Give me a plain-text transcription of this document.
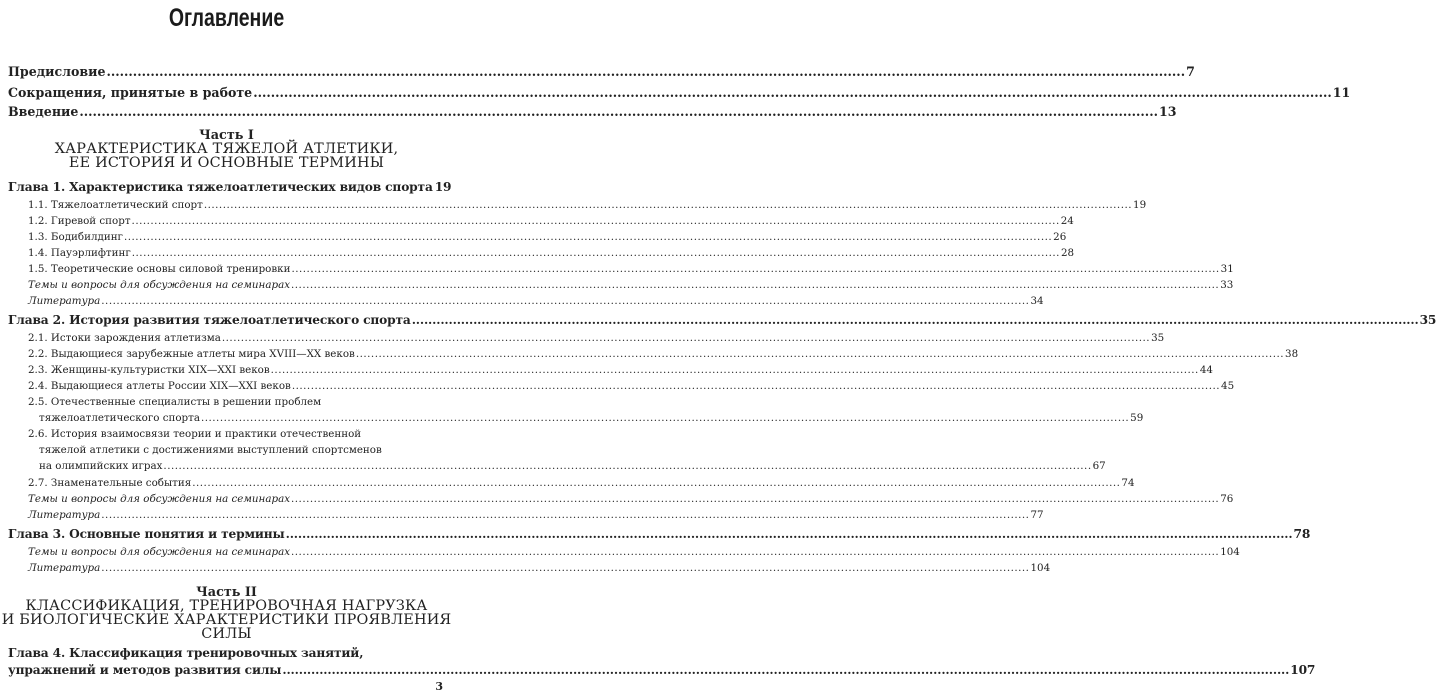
Оглавление
Предисловие .....	7
Сокращения, принятые в работе .....	11
Введение .....	13
Часть I
ХАРАКТЕРИСТИКА ТЯЖЕЛОЙ АТЛЕТИКИ,
ЕЕ ИСТОРИЯ И ОСНОВНЫЕ ТЕРМИНЫ
Глава 1. Характеристика тяжелоатлетических видов спорта 19
1.1. Тяжелоатлетический спорт .....	19
1.2. Гиревой спорт .....	24
1.3. Бодибилдинг .....	26
1.4. Пауэрлифтинг .....	28
1.5. Теоретические основы силовой тренировки .....	31
Темы и вопросы для обсуждения на семинарах .....	33
Литература .....	34
Глава 2. История развития тяжелоатлетического спорта .....	35
2.1. Истоки зарождения атлетизма .....	35
2.2. Выдающиеся зарубежные атлеты мира XVIII—XX веков .....	38
2.3. Женщины-культуристки XIX—XXI веков .....	44
2.4. Выдающиеся атлеты России XIX—XXI веков .....	45
2.5. Отечественные специалисты в решении проблем
тяжелоатлетического спорта .....	59
2.6. История взаимосвязи теории и практики отечественной
тяжелой атлетики с достижениями выступлений спортсменов
на олимпийских играх .....	67
2.7. Знаменательные события .....	74
Темы и вопросы для обсуждения на семинарах .....	76
Литература .....	77
Глава 3. Основные понятия и термины .....	78
Темы и вопросы для обсуждения на семинарах .....	104
Литература .....	104
Часть II
КЛАССИФИКАЦИЯ, ТРЕНИРОВОЧНАЯ НАГРУЗКА
И БИОЛОГИЧЕСКИЕ ХАРАКТЕРИСТИКИ ПРОЯВЛЕНИЯ
СИЛЫ
Глава 4. Классификация тренировочных занятий,
упражнений и методов развития силы .....	107
3
